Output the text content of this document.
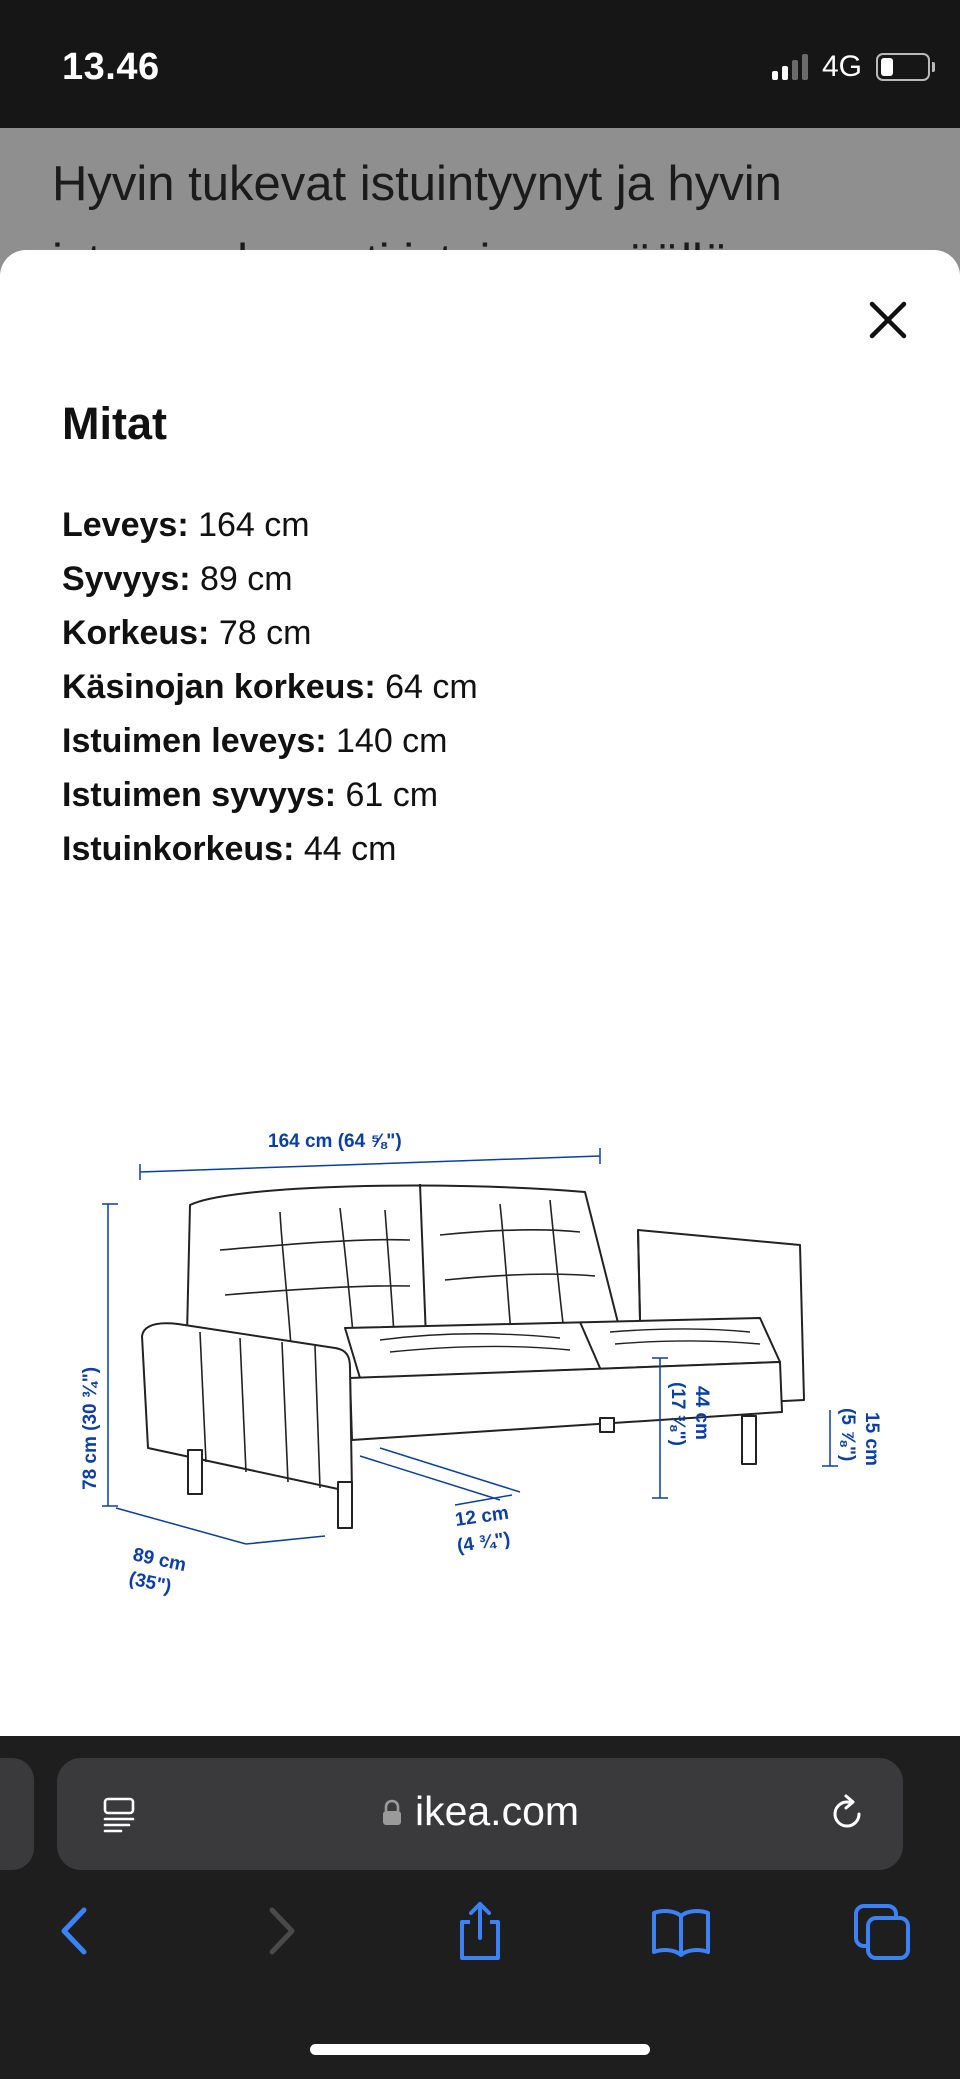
13.46	4G
Hyvin tukevat istuintyynyt ja hyvin
Mitat
Leveys: 164 cm
Syvyys: 89 cm
Korkeus: 78 cm
Käsinojan korkeus: 64 cm
Istuimen leveys: 140 cm
Istuimen syvyys: 61 cm
Istuinkorkeus: 44 cm
164 cm (64 ⅝")
78 cm (30 ¾")
89 cm
(35")
12 cm
(4 ¾")
44 cm
(17 ⅜")	15 cm
(5 ⅞")
ikea.com
